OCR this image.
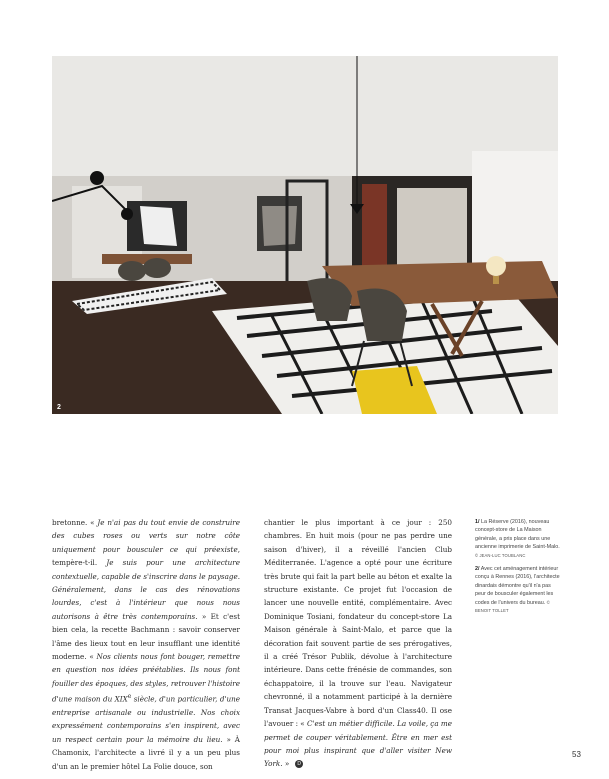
2

bretonne. « Je n'ai pas du tout envie de construire des cubes roses ou verts sur notre côte uniquement pour bousculer ce qui préexiste, tempère-t-il. Je suis pour une architecture contextuelle, capable de s'inscrire dans le paysage. Généralement, dans le cas des rénovations lourdes, c'est à l'intérieur que nous nous autorisons à être très contemporains. » Et c'est bien cela, la recette Bachmann : savoir conserver l'âme des lieux tout en leur insufflant une identité moderne. « Nos clients nous font bouger, remettre en question nos idées préétablies. Ils nous font fouiller des époques, des styles, retrouver l'histoire d'une maison du XIXe siècle, d'un particulier, d'une entreprise artisanale ou industrielle. Nos choix expressément contemporains s'en inspirent, avec un respect certain pour la mémoire du lieu. » À Chamonix, l'architecte a livré il y a un peu plus d'un an le premier hôtel La Folie douce, son

chantier le plus important à ce jour : 250 chambres. En huit mois (pour ne pas perdre une saison d'hiver), il a réveillé l'ancien Club Méditerranée. L'agence a opté pour une écriture très brute qui fait la part belle au béton et exalte la structure existante. Ce projet fut l'occasion de lancer une nouvelle entité, complémentaire. Avec Dominique Tosiani, fondateur du concept-store La Maison générale à Saint-Malo, et parce que la décoration fait souvent partie de ses prérogatives, il a créé Trésor Publik, dévolue à l'architecture intérieure. Dans cette frénésie de commandes, son échappatoire, il la trouve sur l'eau. Navigateur chevronné, il a notamment participé à la dernière Transat Jacques-Vabre à bord d'un Class40. Il ose l'avouer : « C'est un métier difficile. La voile, ça me permet de couper véritablement. Être en mer est pour moi plus inspirant que d'aller visiter New York. » D

1/ La Réserve (2016), nouveau concept-store de La Maison générale, a pris place dans une ancienne imprimerie de Saint-Malo. © JEAN-LUC TOUBLANC

2/ Avec cet aménagement intérieur conçu à Rennes (2016), l'architecte dinardais démontre qu'il n'a pas peur de bousculer également les codes de l'univers du bureau. © BENOIT TOLLET

53
